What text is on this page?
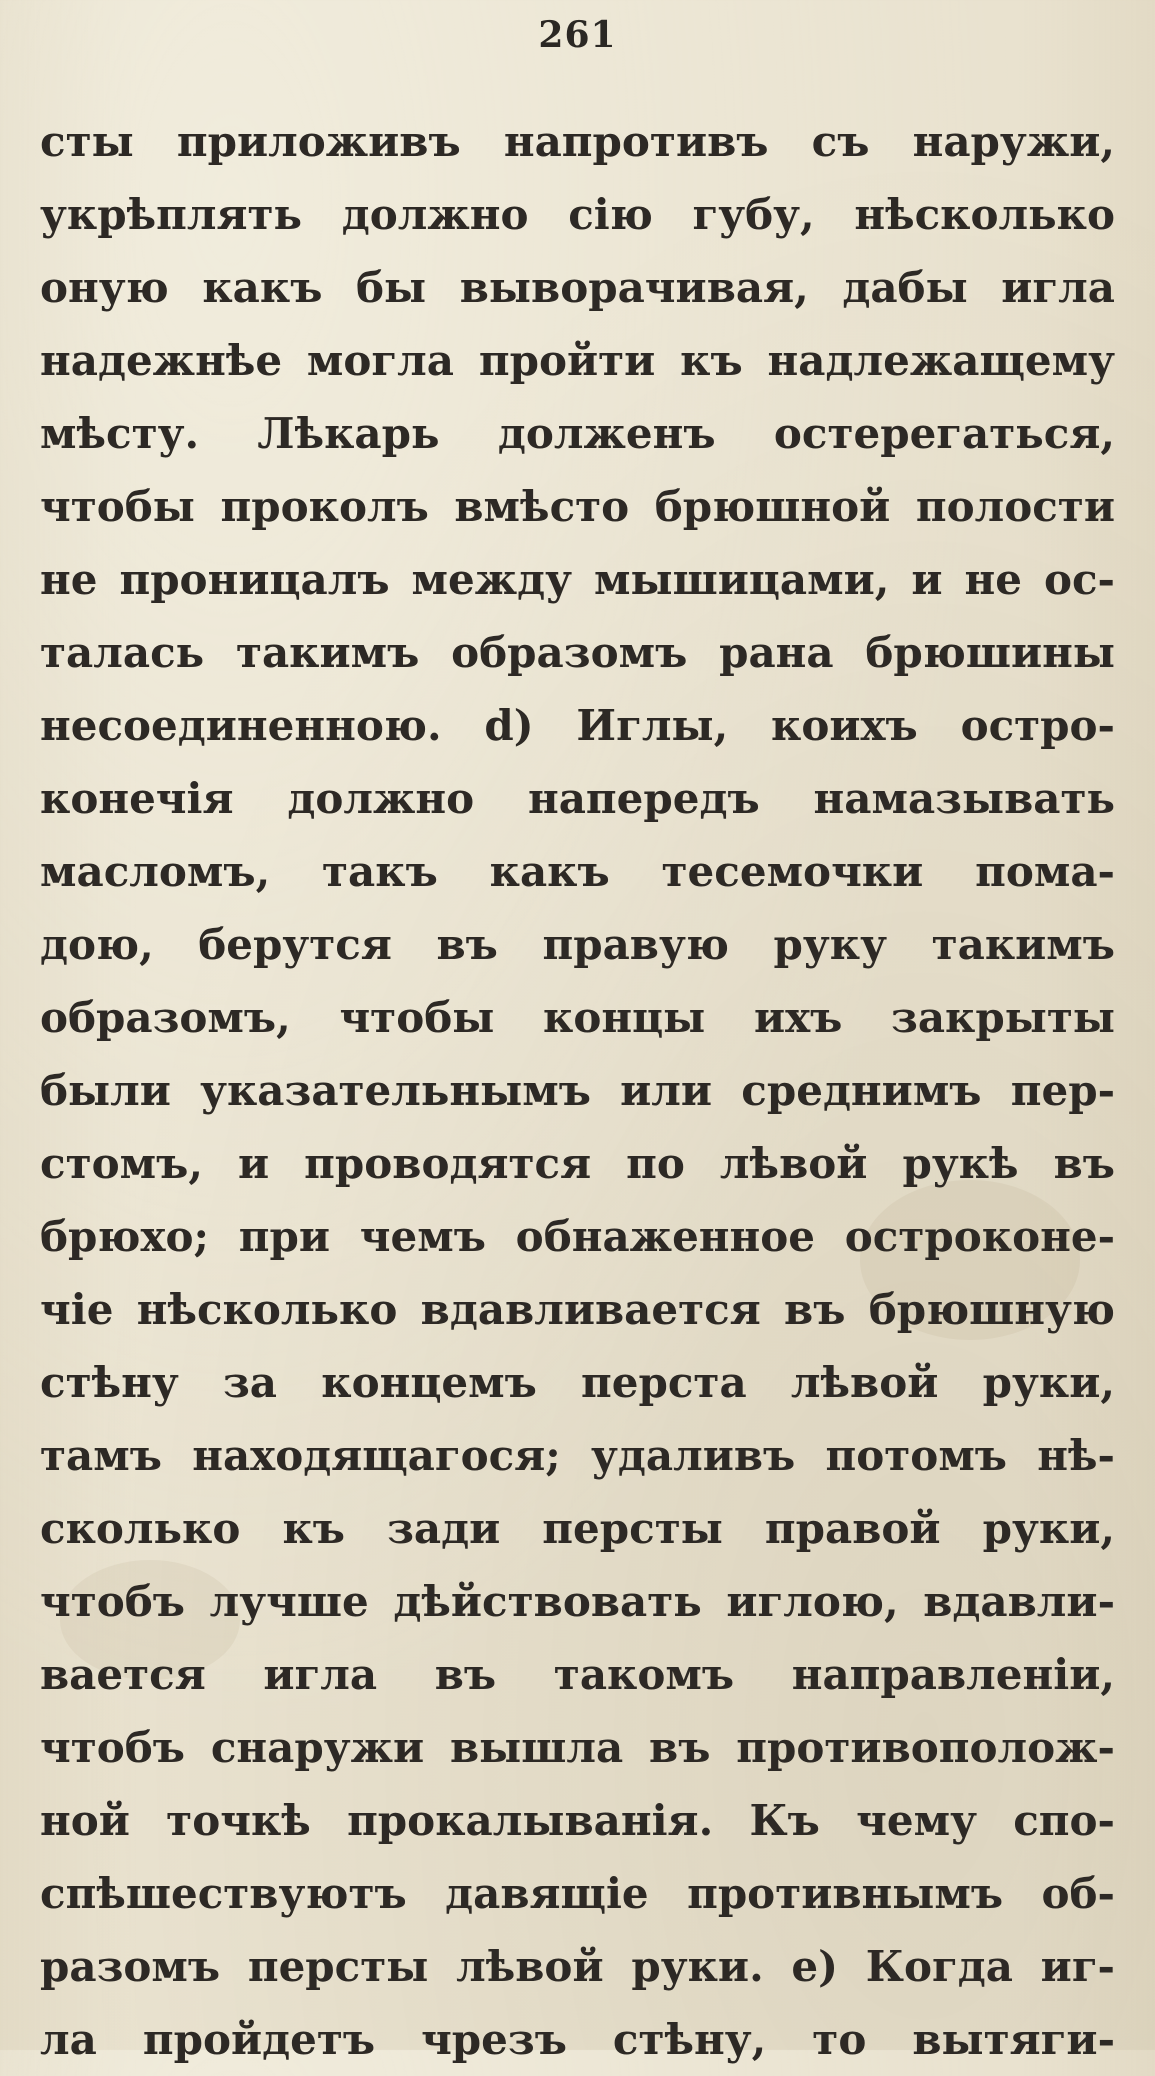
261
сты приложивъ напротивъ съ наружи,
укрѣплять должно сію губу, нѣсколько
оную какъ бы выворачивая, дабы игла
надежнѣе могла пройти къ надлежащему
мѣсту. Лѣкарь долженъ остерегаться,
чтобы проколъ вмѣсто брюшной полости
не проницалъ между мышицами, и не ос-
талась такимъ образомъ рана брюшины
несоединенною. d) Иглы, коихъ остро-
конечія должно напередъ намазывать
масломъ, такъ какъ тесемочки пома-
дою, берутся въ правую руку такимъ
образомъ, чтобы концы ихъ закрыты
были указательнымъ или среднимъ пер-
стомъ, и проводятся по лѣвой рукѣ въ
брюхо; при чемъ обнаженное остроконе-
чіе нѣсколько вдавливается въ брюшную
стѣну за концемъ перста лѣвой руки,
тамъ находящагося; удаливъ потомъ нѣ-
сколько къ зади персты правой руки,
чтобъ лучше дѣйствовать иглою, вдавли-
вается игла въ такомъ направленіи,
чтобъ снаружи вышла въ противополож-
ной точкѣ прокалыванія. Къ чему спо-
спѣшествуютъ давящіе противнымъ об-
разомъ персты лѣвой руки. е) Когда иг-
ла пройдетъ чрезъ стѣну, то вытяги-
